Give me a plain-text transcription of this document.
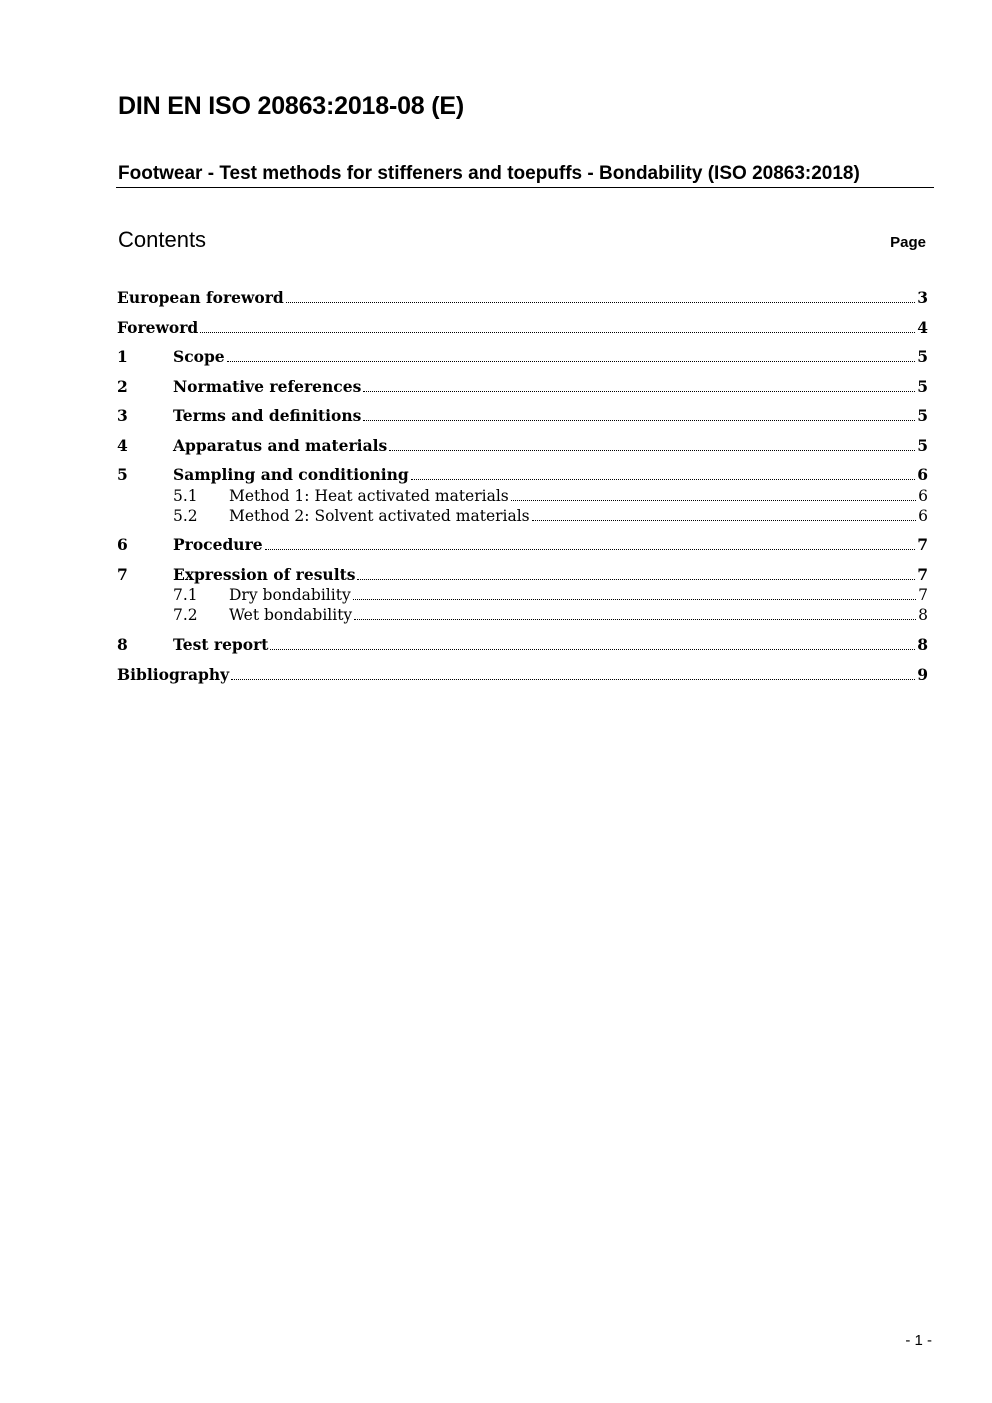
DIN EN ISO 20863:2018-08 (E)
Footwear - Test methods for stiffeners and toepuffs - Bondability (ISO 20863:2018)
Contents	Page
European foreword	3
Foreword	4
1	Scope	5
2	Normative references	5
3	Terms and definitions	5
4	Apparatus and materials	5
5	Sampling and conditioning	6
5.1	Method 1: Heat activated materials	6
5.2	Method 2: Solvent activated materials	6
6	Procedure	7
7	Expression of results	7
7.1	Dry bondability	7
7.2	Wet bondability	8
8	Test report	8
Bibliography	9
- 1 -
